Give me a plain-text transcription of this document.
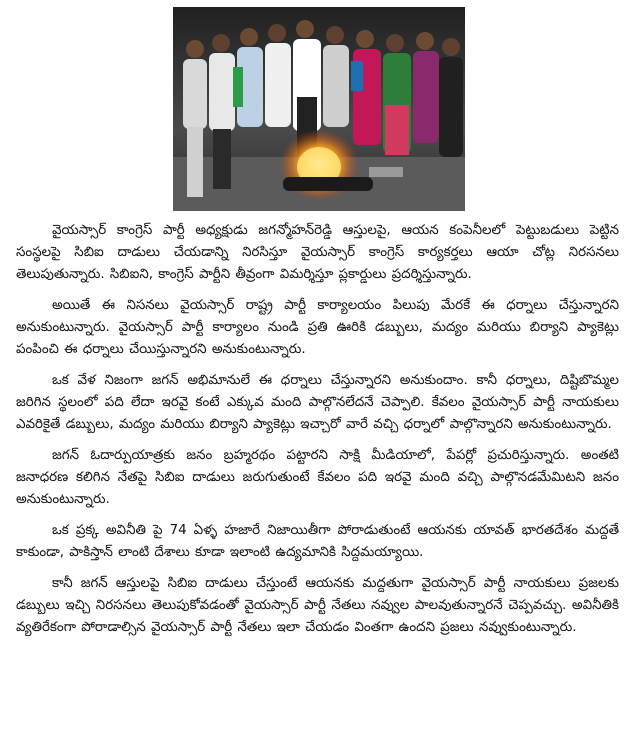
వైయస్సార్ కాంగ్రెస్ పార్టీ అధ్యక్షుడు జగన్మోహన్‌రెడ్డి ఆస్తులపై, ఆయన కంపెనీలలో పెట్టుబడులు పెట్టిన సంస్థలపై సిబిఐ దాడులు చేయడాన్ని నిరసిస్తూ వైయస్సార్ కాంగ్రెస్ కార్యకర్తలు ఆయా చోట్ల నిరసనలు తెలుపుతున్నారు. సిబిఐని, కాంగ్రెస్ పార్టీని తీవ్రంగా విమర్శిస్తూ ప్లకార్డులు ప్రదర్శిస్తున్నారు.

అయితే ఈ నిసనలు వైయస్సార్ రాష్ట్ర పార్టీ కార్యాలయం పిలుపు మేరకే ఈ ధర్నాలు చేస్తున్నారని అనుకుంటున్నారు. వైయస్సార్ పార్టీ కార్యాలం నుండి ప్రతి ఊరికి డబ్బులు, మద్యం మరియు బిర్యాని ప్యాకెట్లు పంపించి ఈ ధర్నాలు చేయిస్తున్నారని అనుకుంటున్నారు.

ఒక వేళ నిజంగా జగన్ అభిమానులే ఈ ధర్నాలు చేస్తున్నారని అనుకుందాం. కానీ ధర్నాలు, దిష్టిబొమ్మల జరిగిన స్థలంలో పది లేదా ఇరవై కంటే ఎక్కువ మంది పాల్గొనలేదనే చెప్పాలి. కేవలం వైయస్సార్ పార్టీ నాయకులు ఎవరికైతే డబ్బులు, మద్యం మరియు బిర్యాని ప్యాకెట్లు ఇచ్చారో వారే వచ్చి ధర్నాలో పాల్గొన్నారని అనుకుంటున్నారు.

జగన్ ఓదార్పుయాత్రకు జనం బ్రహ్మరథం పట్టారని సాక్షి మీడియాలో, పేపర్లో ప్రచురిస్తున్నారు. అంతటి జనాధరణ కలిగిన నేతపై సిబిఐ దాడులు జరుగుతుంటే కేవలం పది ఇరవై మంది వచ్చి పాల్గొనడమేమిటని జనం అనుకుంటున్నారు.

ఒక ప్రక్క అవినీతి పై 74 ఏళ్ళ హజారే నిజాయితీగా పోరాడుతుంటే ఆయనకు యావత్ భారతదేశం మద్దతే కాకుండా, పాకిస్తాన్ లాంటి దేశాలు కూడా ఇలాంటి ఉద్యమానికి సిద్దమయ్యాయి.

కానీ జగన్ ఆస్తులపై సిబిఐ దాడులు చేస్తుంటే ఆయనకు మద్దతుగా వైయస్సార్ పార్టీ నాయకులు ప్రజలకు డబ్బులు ఇచ్చి నిరసనలు తెలుపుకోవడంతో వైయస్సార్ పార్టీ నేతలు నవ్వుల పాలవుతున్నారనే చెప్పవచ్చు. అవినీతికి వ్యతిరేకంగా పోరాడాల్సిన వైయస్సార్ పార్టీ నేతలు ఇలా చేయడం వింతగా ఉందని ప్రజలు నవ్వుకుంటున్నారు.
